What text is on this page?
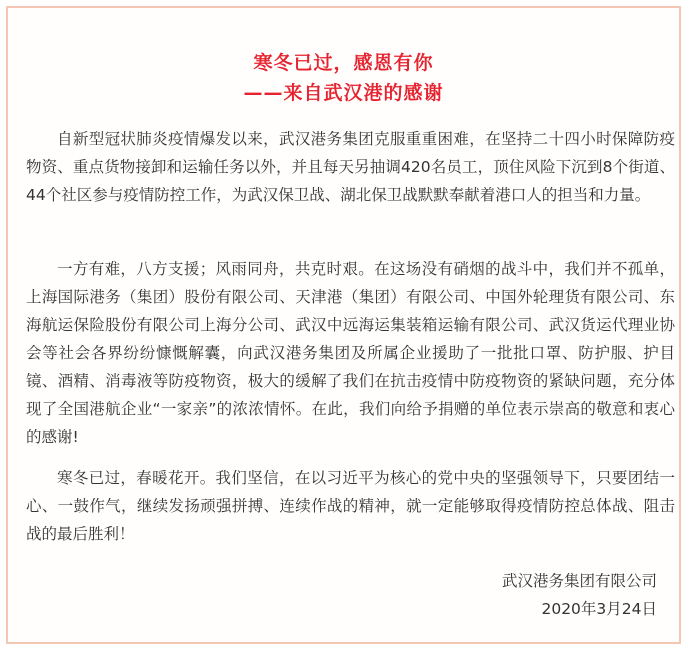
寒冬已过，感恩有你
——来自武汉港的感谢
自新型冠状肺炎疫情爆发以来，武汉港务集团克服重重困难，在坚持二十四小时保障防疫物资、重点货物接卸和运输任务以外，并且每天另抽调420名员工，顶住风险下沉到8个街道、44个社区参与疫情防控工作，为武汉保卫战、湖北保卫战默默奉献着港口人的担当和力量。
一方有难，八方支援；风雨同舟，共克时艰。在这场没有硝烟的战斗中，我们并不孤单，上海国际港务（集团）股份有限公司、天津港（集团）有限公司、中国外轮理货有限公司、东海航运保险股份有限公司上海分公司、武汉中远海运集装箱运输有限公司、武汉货运代理业协会等社会各界纷纷慷慨解囊，向武汉港务集团及所属企业援助了一批批口罩、防护服、护目镜、酒精、消毒液等防疫物资，极大的缓解了我们在抗击疫情中防疫物资的紧缺问题，充分体现了全国港航企业“一家亲”的浓浓情怀。在此，我们向给予捐赠的单位表示崇高的敬意和衷心的感谢!
寒冬已过，春暖花开。我们坚信，在以习近平为核心的党中央的坚强领导下，只要团结一心、一鼓作气，继续发扬顽强拼搏、连续作战的精神，就一定能够取得疫情防控总体战、阻击战的最后胜利！
武汉港务集团有限公司
2020年3月24日
